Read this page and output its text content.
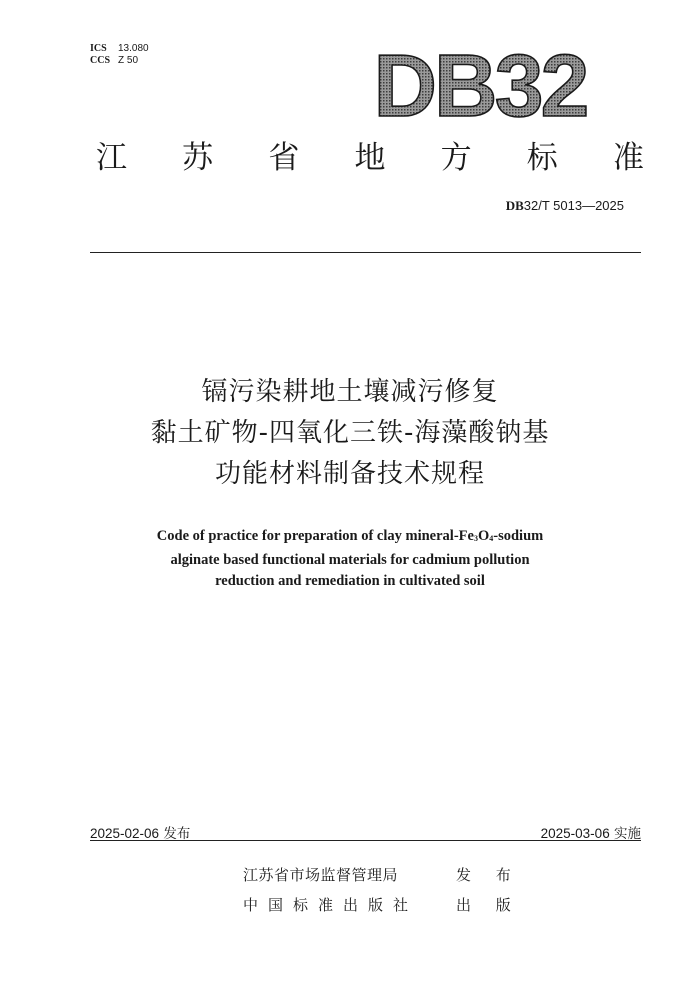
ICS 13.080
CCS Z 50	DB32
江 苏 省 地 方 标 准
DB32/T 5013—2025
镉污染耕地土壤减污修复
黏土矿物-四氧化三铁-海藻酸钠基
功能材料制备技术规程
Code of practice for preparation of clay mineral-$Fe_3O_4$-sodium
alginate based functional materials for cadmium pollution
reduction and remediation in cultivated soil
2025-02-06 发布	2025-03-06 实施
江苏省市场监督管理局
中国标准出版社
发 布
出 版
